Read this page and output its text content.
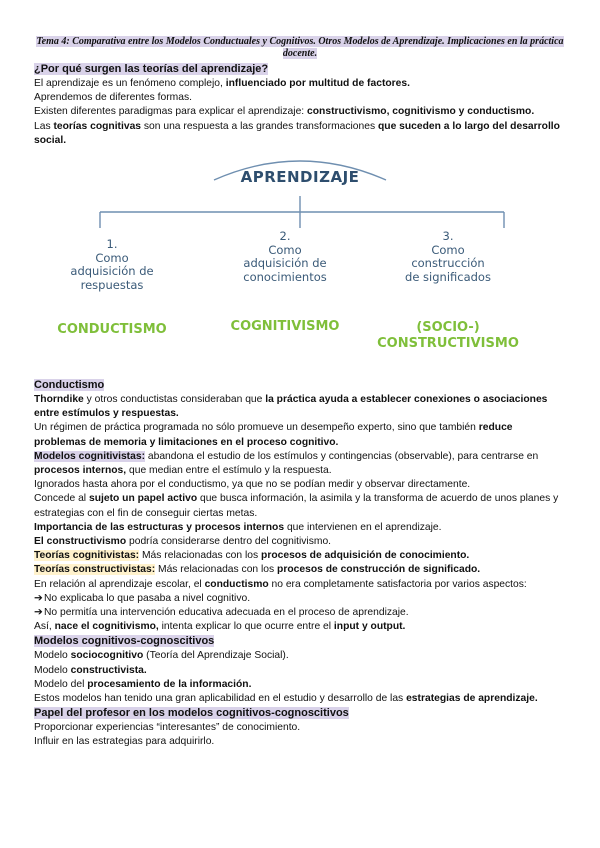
Tema 4: Comparativa entre los Modelos Conductuales y Cognitivos. Otros Modelos de Aprendizaje. Implicaciones en la práctica docente.

¿Por qué surgen las teorías del aprendizaje?

El aprendizaje es un fenómeno complejo, influenciado por multitud de factores.

Aprendemos de diferentes formas.

Existen diferentes paradigmas para explicar el aprendizaje: constructivismo, cognitivismo y conductismo.

Las teorías cognitivas son una respuesta a las grandes transformaciones que suceden a lo largo del desarrollo social.

APRENDIZAJE
1.
Como
adquisición de
respuestas
2.
Como
adquisición de
conocimientos
3.
Como
construcción
de significados
CONDUCTISMO	COGNITIVISMO	(SOCIO-)
CONSTRUCTIVISMO

Conductismo

Thorndike y otros conductistas consideraban que la práctica ayuda a establecer conexiones o asociaciones entre estímulos y respuestas.

Un régimen de práctica programada no sólo promueve un desempeño experto, sino que también reduce problemas de memoria y limitaciones en el proceso cognitivo.

Modelos cognitivistas: abandona el estudio de los estímulos y contingencias (observable), para centrarse en procesos internos, que median entre el estímulo y la respuesta.

Ignorados hasta ahora por el conductismo, ya que no se podían medir y observar directamente.

Concede al sujeto un papel activo que busca información, la asimila y la transforma de acuerdo de unos planes y estrategias con el fin de conseguir ciertas metas.

Importancia de las estructuras y procesos internos que intervienen en el aprendizaje.

El constructivismo podría considerarse dentro del cognitivismo.

Teorías cognitivistas: Más relacionadas con los procesos de adquisición de conocimiento.

Teorías constructivistas: Más relacionadas con los procesos de construcción de significado.

En relación al aprendizaje escolar, el conductismo no era completamente satisfactoria por varios aspectos:

➔No explicaba lo que pasaba a nivel cognitivo.

➔No permitía una intervención educativa adecuada en el proceso de aprendizaje.

Así, nace el cognitivismo, intenta explicar lo que ocurre entre el input y output.

Modelos cognitivos-cognoscitivos

Modelo sociocognitivo (Teoría del Aprendizaje Social).

Modelo constructivista.

Modelo del procesamiento de la información.

Estos modelos han tenido una gran aplicabilidad en el estudio y desarrollo de las estrategias de aprendizaje.

Papel del profesor en los modelos cognitivos-cognoscitivos

Proporcionar experiencias “interesantes” de conocimiento.

Influir en las estrategias para adquirirlo.
